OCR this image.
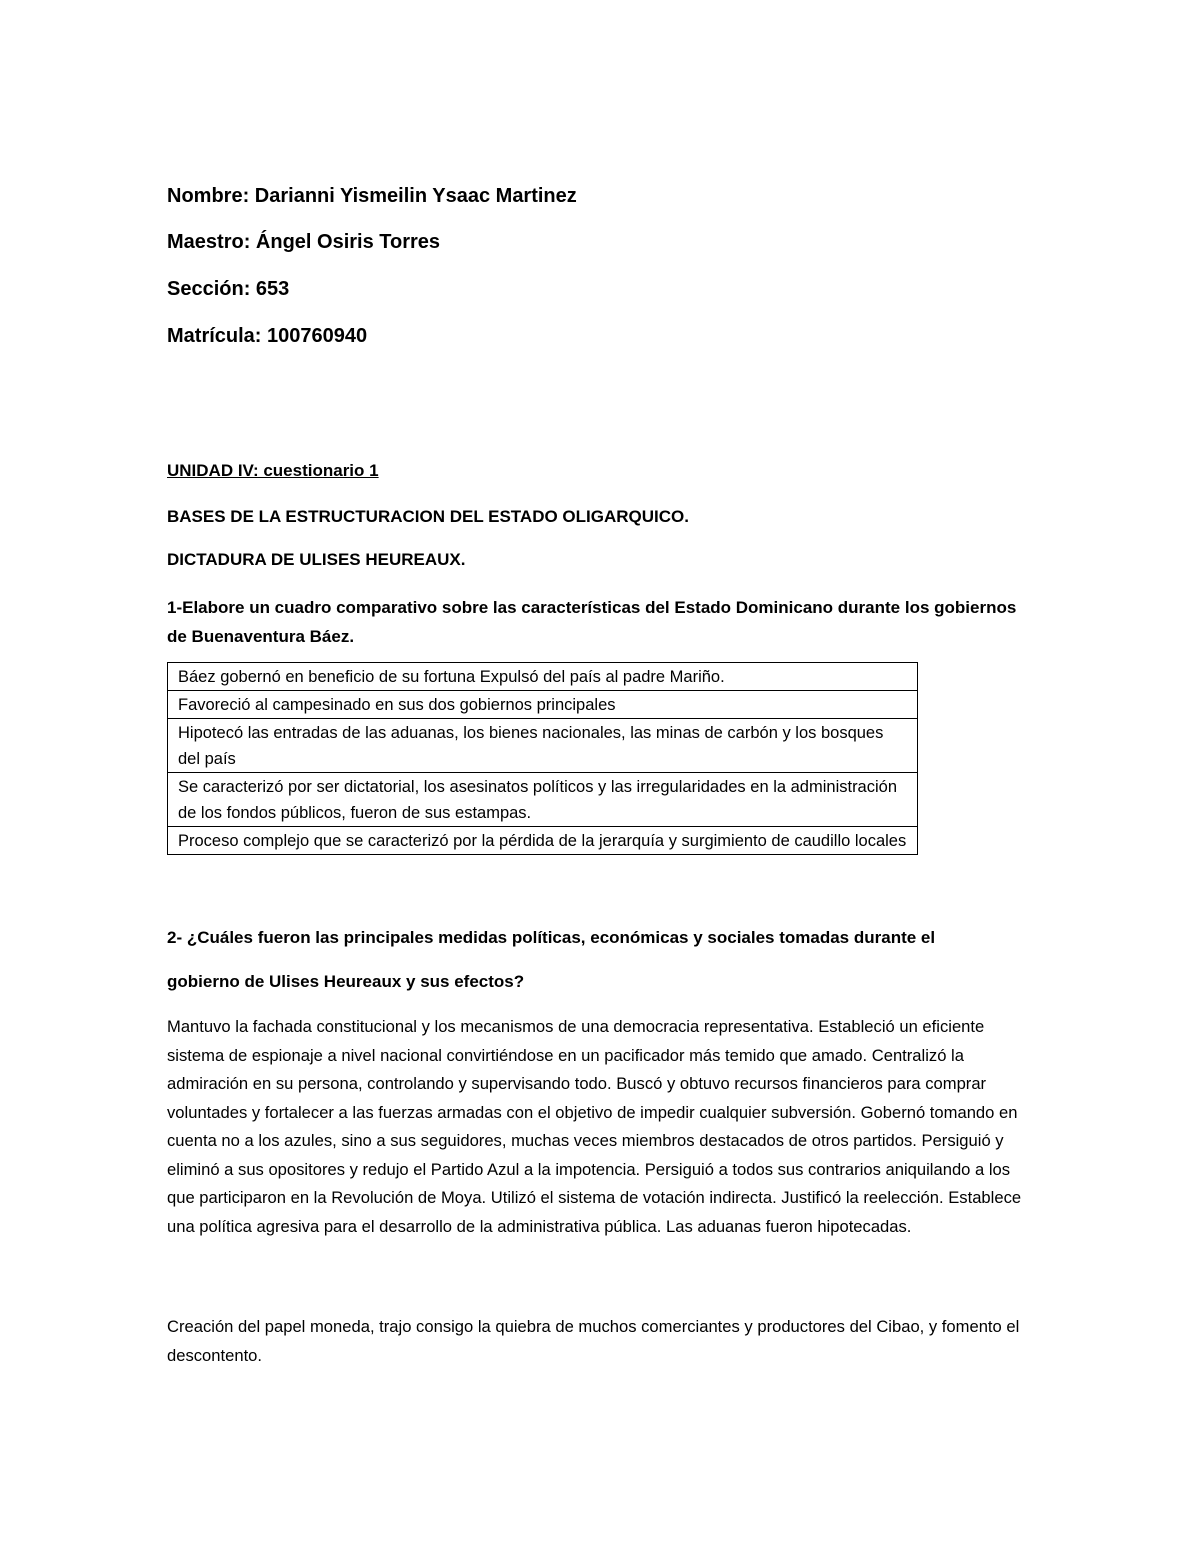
Nombre: Darianni Yismeilin Ysaac Martinez
Maestro: Ángel Osiris Torres
Sección: 653
Matrícula: 100760940
UNIDAD IV: cuestionario 1
BASES DE LA ESTRUCTURACION DEL ESTADO OLIGARQUICO.
DICTADURA DE ULISES HEUREAUX.
1-Elabore un cuadro comparativo sobre las características del Estado Dominicano durante los gobiernos de Buenaventura Báez.
Báez gobernó en beneficio de su fortuna Expulsó del país al padre Mariño.
Favoreció al campesinado en sus dos gobiernos principales
Hipotecó las entradas de las aduanas, los bienes nacionales, las minas de carbón y los bosques del país
Se caracterizó por ser dictatorial, los asesinatos políticos y las irregularidades en la administración de los fondos públicos, fueron de sus estampas.
Proceso complejo que se caracterizó por la pérdida de la jerarquía y surgimiento de caudillo locales
2- ¿Cuáles fueron las principales medidas políticas, económicas y sociales tomadas durante el
gobierno de Ulises Heureaux y sus efectos?
Mantuvo la fachada constitucional y los mecanismos de una democracia representativa. Estableció un eficiente sistema de espionaje a nivel nacional convirtiéndose en un pacificador más temido que amado. Centralizó la admiración en su persona, controlando y supervisando todo. Buscó y obtuvo recursos financieros para comprar voluntades y fortalecer a las fuerzas armadas con el objetivo de impedir cualquier subversión. Gobernó tomando en cuenta no a los azules, sino a sus seguidores, muchas veces miembros destacados de otros partidos. Persiguió y eliminó a sus opositores y redujo el Partido Azul a la impotencia. Persiguió a todos sus contrarios aniquilando a los que participaron en la Revolución de Moya. Utilizó el sistema de votación indirecta. Justificó la reelección. Establece una política agresiva para el desarrollo de la administrativa pública. Las aduanas fueron hipotecadas.
Creación del papel moneda, trajo consigo la quiebra de muchos comerciantes y productores del Cibao, y fomento el descontento.
